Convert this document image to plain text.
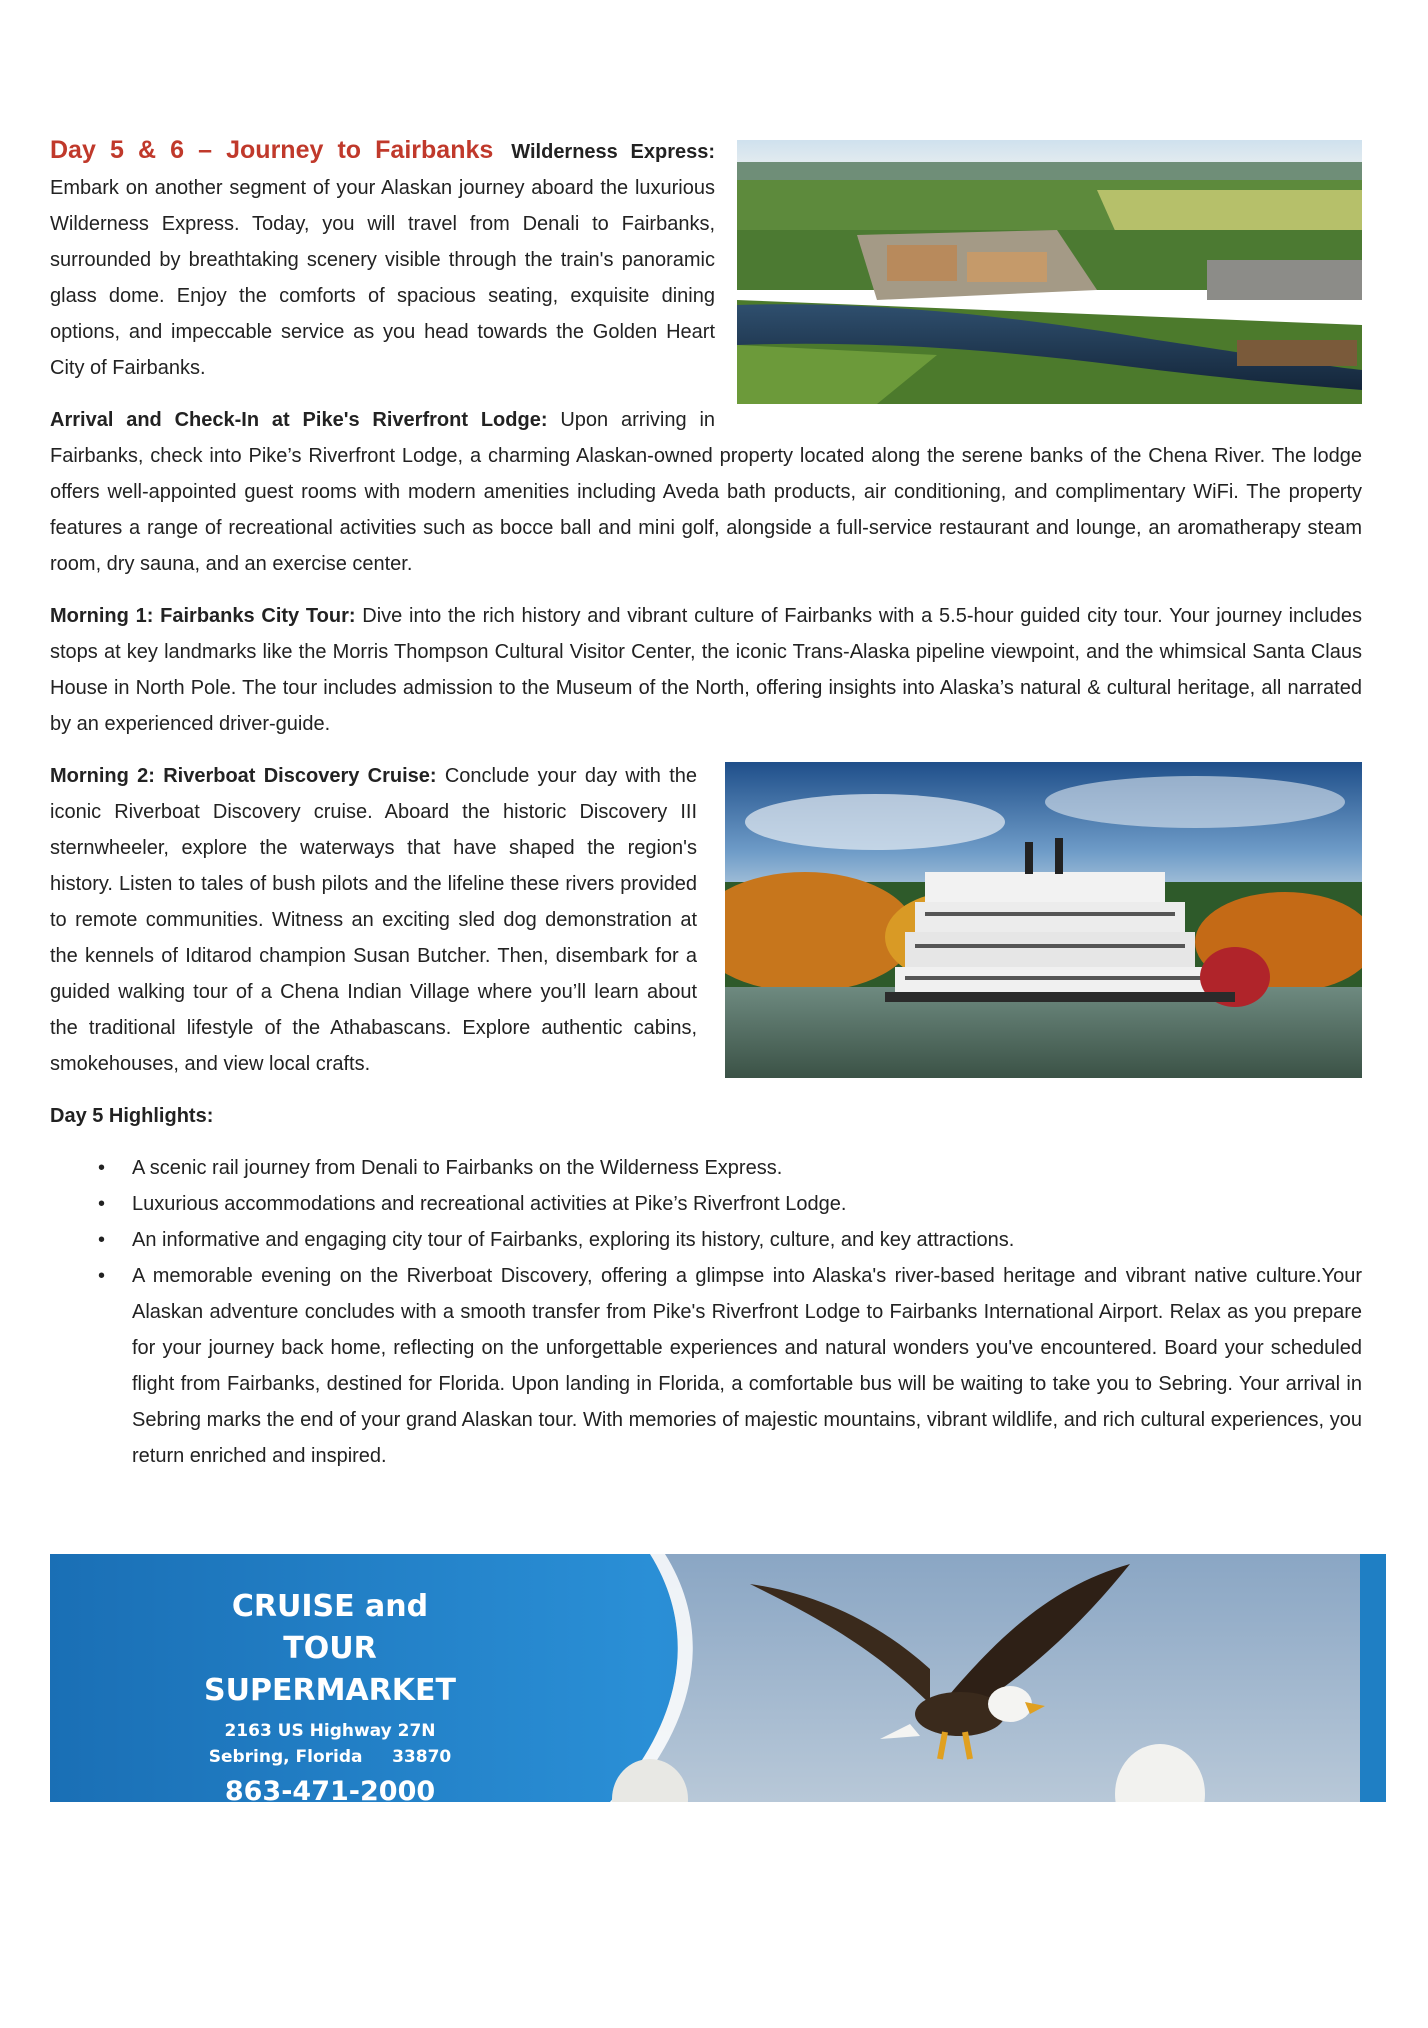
Day 5 & 6 – Journey to Fairbanks Wilderness Express: Embark on another segment of your Alaskan journey aboard the luxurious Wilderness Express. Today, you will travel from Denali to Fairbanks, surrounded by breathtaking scenery visible through the train's panoramic glass dome. Enjoy the comforts of spacious seating, exquisite dining options, and impeccable service as you head towards the Golden Heart City of Fairbanks.

Arrival and Check-In at Pike's Riverfront Lodge: Upon arriving in Fairbanks, check into Pike’s Riverfront Lodge, a charming Alaskan-owned property located along the serene banks of the Chena River. The lodge offers well-appointed guest rooms with modern amenities including Aveda bath products, air conditioning, and complimentary WiFi. The property features a range of recreational activities such as bocce ball and mini golf, alongside a full-service restaurant and lounge, an aromatherapy steam room, dry sauna, and an exercise center.

Morning 1: Fairbanks City Tour: Dive into the rich history and vibrant culture of Fairbanks with a 5.5-hour guided city tour. Your journey includes stops at key landmarks like the Morris Thompson Cultural Visitor Center, the iconic Trans-Alaska pipeline viewpoint, and the whimsical Santa Claus House in North Pole. The tour includes admission to the Museum of the North, offering insights into Alaska’s natural & cultural heritage, all narrated by an experienced driver-guide.

Morning 2: Riverboat Discovery Cruise: Conclude your day with the iconic Riverboat Discovery cruise. Aboard the historic Discovery III sternwheeler, explore the waterways that have shaped the region's history. Listen to tales of bush pilots and the lifeline these rivers provided to remote communities. Witness an exciting sled dog demonstration at the kennels of Iditarod champion Susan Butcher. Then, disembark for a guided walking tour of a Chena Indian Village where you’ll learn about the traditional lifestyle of the Athabascans. Explore authentic cabins, smokehouses, and view local crafts.

Day 5 Highlights:
• A scenic rail journey from Denali to Fairbanks on the Wilderness Express.
• Luxurious accommodations and recreational activities at Pike’s Riverfront Lodge.
• An informative and engaging city tour of Fairbanks, exploring its history, culture, and key attractions.
• A memorable evening on the Riverboat Discovery, offering a glimpse into Alaska's river-based heritage and vibrant native culture.Your Alaskan adventure concludes with a smooth transfer from Pike's Riverfront Lodge to Fairbanks International Airport. Relax as you prepare for your journey back home, reflecting on the unforgettable experiences and natural wonders you've encountered. Board your scheduled flight from Fairbanks, destined for Florida. Upon landing in Florida, a comfortable bus will be waiting to take you to Sebring. Your arrival in Sebring marks the end of your grand Alaskan tour. With memories of majestic mountains, vibrant wildlife, and rich cultural experiences, you return enriched and inspired.
CRUISE and TOUR
SUPERMARKET
2163 US Highway 27N
Sebring, Florida     33870
863-471-2000
800-232-7447
